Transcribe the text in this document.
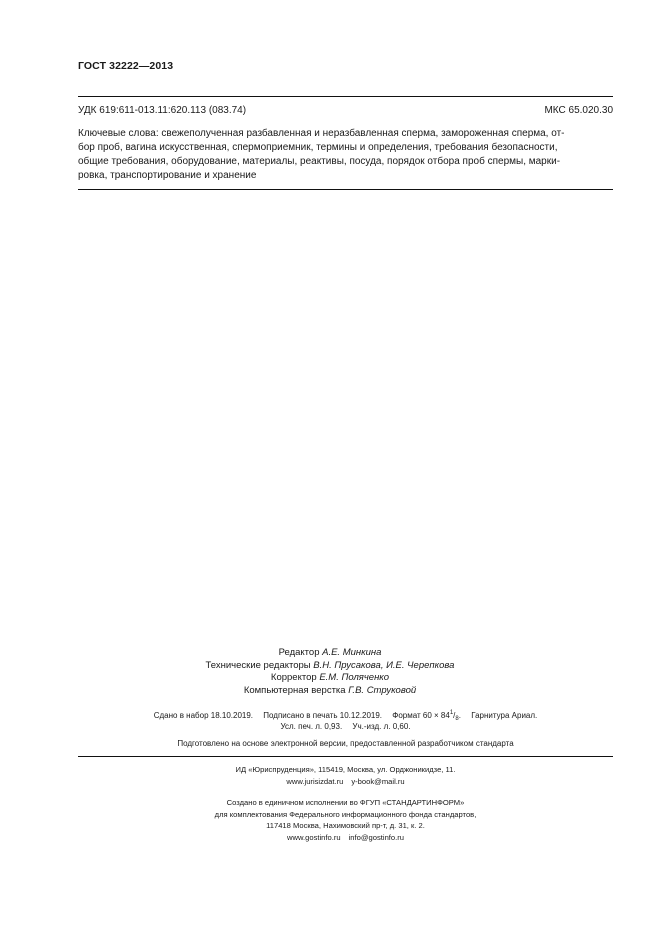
ГОСТ 32222—2013
УДК 619:611-013.11:620.113 (083.74)	МКС 65.020.30
Ключевые слова: свежеполученная разбавленная и неразбавленная сперма, замороженная сперма, от-
бор проб, вагина искусственная, спермоприемник, термины и определения, требования безопасности,
общие требования, оборудование, материалы, реактивы, посуда, порядок отбора проб спермы, марки-
ровка, транспортирование и хранение
Редактор А.Е. Минкина
Технические редакторы В.Н. Прусакова, И.Е. Черепкова
Корректор Е.М. Поляченко
Компьютерная верстка Г.В. Струковой
Сдано в набор 18.10.2019. Подписано в печать 10.12.2019. Формат $60 \times 84^1/_8$. Гарнитура Ариал.
Усл. печ. л. 0,93. Уч.-изд. л. 0,60.
Подготовлено на основе электронной версии, предоставленной разработчиком стандарта
ИД «Юриспруденция», 115419, Москва, ул. Орджоникидзе, 11.
www.jurisizdat.ru y-book@mail.ru
Создано в единичном исполнении во ФГУП «СТАНДАРТИНФОРМ»
для комплектования Федерального информационного фонда стандартов,
117418 Москва, Нахимовский пр-т, д. 31, к. 2.
www.gostinfo.ru info@gostinfo.ru
